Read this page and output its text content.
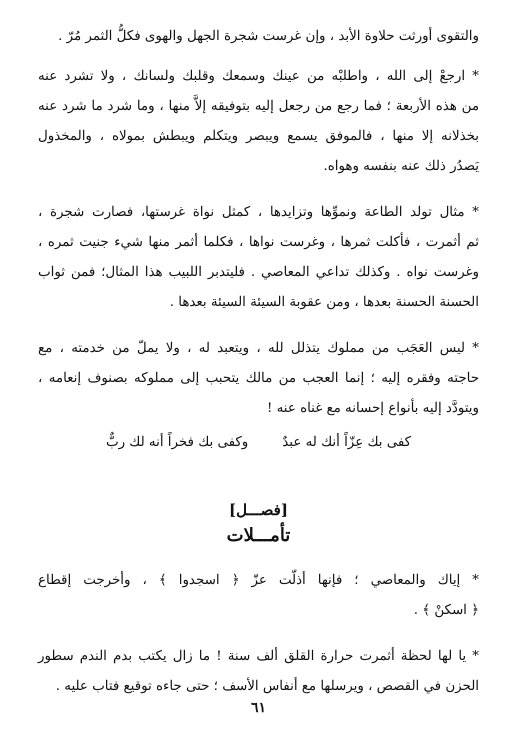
والتقوى أورثت حلاوة الأبد ، وإن غرست شجرة الجهل والهوى فكلُّ الثمر مُرّ .
* ارجعْ إلى الله ، واطلبْه من عينك وسمعك وقلبك ولسانك ، ولا تشرد عنه
من هذه الأربعة ؛ فما رجع من رجعل إليه بتوفيقه إلاَّ منها ، وما شرد ما شرد عنه
بخذلانه إلا منها ، فالموفق يسمع ويبصر ويتكلم ويبطش بمولاه ، والمخذول
يَصدُر ذلك عنه بنفسه وهواه.
* مثال تولد الطاعة ونموِّها وتزايدها ، كمثل نواة غرستها، فصارت شجرة ،
ثم أثمرت ، فأكلت ثمرها ، وغرست نواها ، فكلما أثمر منها شيء جنيت ثمره ،
وغرست نواه . وكذلك تداعي المعاصي . فليتدبر اللبيب هذا المثال؛ فمن ثواب
الحسنة الحسنة بعدها ، ومن عقوبة السيئة السيئة بعدها .
* ليس العَجَب من مملوك يتذلل لله ، ويتعبد له ، ولا يملّ من خدمته ، مع
حاجته وفقره إليه ؛ إنما العجب من مالك يتحبب إلى مملوكه بصنوف إنعامه ،
ويتودَّد إليه بأنواع إحسانه مع غناه عنه !
كفى بك عِزّاً أنك له عبدٌ
وكفى بك فخراً أنه لك ربٌّ
[فصـــل]
تأمـــلات
* إياك والمعاصي ؛ فإنها أذلّت عزّ ﴿ اسجدوا ﴾ ، وأخرجت إقطاع
﴿ اسكنْ ﴾ .
* يا لها لحظة أثمرت حرارة القلق ألف سنة ! ما زال يكتب بدم الندم سطور
الحزن في القصص ، ويرسلها مع أنفاس الأسف ؛ حتى جاءه توقيع فتاب عليه .
٦١
